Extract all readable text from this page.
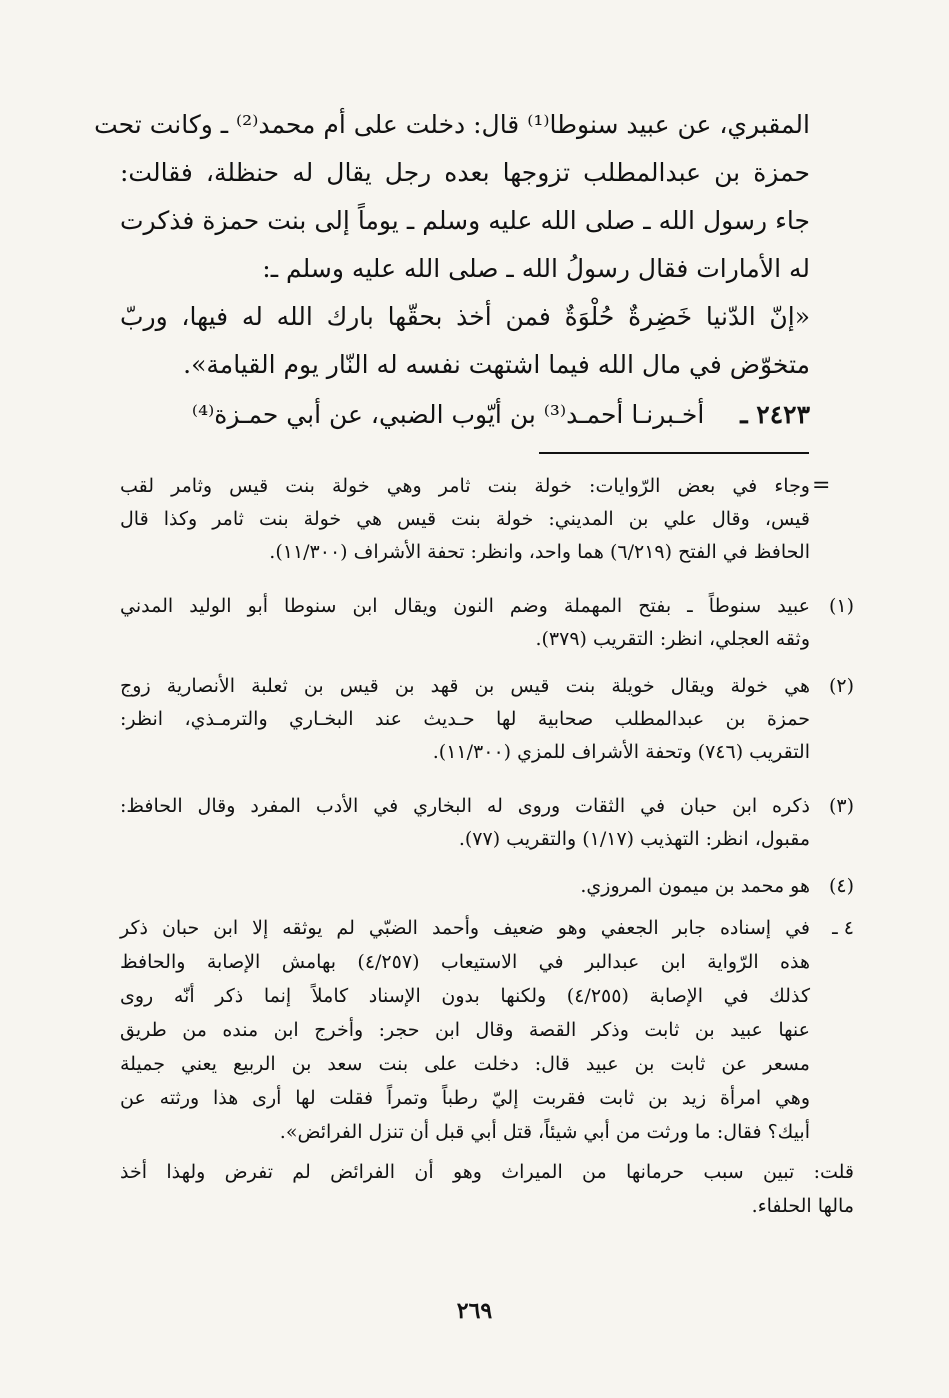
المقبري، عن عبيد سنوطا⁽¹⁾ قال: دخلت على أم محمد⁽²⁾ ـ وكانت تحت
حمزة بن عبدالمطلب تزوجها بعده رجل يقال له حنظلة، فقالت:
جاء رسول الله ـ صلى الله عليه وسلم ـ يوماً إلى بنت حمزة فذكرت
له الأمارات فقال رسولُ الله ـ صلى الله عليه وسلم ـ:
«إنّ الدّنيا خَضِرةٌ حُلْوَةٌ فمن أخذ بحقّها بارك الله له فيها، وربّ
متخوّض في مال الله فيما اشتهت نفسه له النّار يوم القيامة».
٢٤٢٣ ـ أخـبرنـا أحمـد⁽³⁾ بن أيّوب الضبي، عن أبي حمـزة⁽⁴⁾
=
وجاء في بعض الرّوايات: خولة بنت ثامر وهي خولة بنت قيس وثامر لقب
قيس، وقال علي بن المديني: خولة بنت قيس هي خولة بنت ثامر وكذا قال
الحافظ في الفتح (٦/٢١٩) هما واحد، وانظر: تحفة الأشراف (١١/٣٠٠).
(١)
عبيد سنوطاً ـ بفتح المهملة وضم النون ويقال ابن سنوطا أبو الوليد المدني
وثقه العجلي، انظر: التقريب (٣٧٩).
(٢)
هي خولة ويقال خويلة بنت قيس بن قهد بن قيس بن ثعلبة الأنصارية زوج
حمزة بن عبدالمطلب صحابية لها حـديث عند البخـاري والترمـذي، انظر:
التقريب (٧٤٦) وتحفة الأشراف للمزي (١١/٣٠٠).
(٣)
ذكره ابن حبان في الثقات وروى له البخاري في الأدب المفرد وقال الحافظ:
مقبول، انظر: التهذيب (١/١٧) والتقريب (٧٧).
(٤)
هو محمد بن ميمون المروزي.
٤ ـ
في إسناده جابر الجعفي وهو ضعيف وأحمد الضبّي لم يوثقه إلا ابن حبان ذكر
هذه الرّواية ابن عبدالبر في الاستيعاب (٤/٢٥٧) بهامش الإصابة والحافظ
كذلك في الإصابة (٤/٢٥٥) ولكنها بدون الإسناد كاملاً إنما ذكر أنّه روى
عنها عبيد بن ثابت وذكر القصة وقال ابن حجر: وأخرج ابن منده من طريق
مسعر عن ثابت بن عبيد قال: دخلت على بنت سعد بن الربيع يعني جميلة
وهي امرأة زيد بن ثابت فقربت إليّ رطباً وتمراً فقلت لها أرى هذا ورثته عن
أبيك؟ فقال: ما ورثت من أبي شيئاً، قتل أبي قبل أن تنزل الفرائض».
قلت: تبين سبب حرمانها من الميراث وهو أن الفرائض لم تفرض ولهذا أخذ
مالها الحلفاء.
٢٦٩
